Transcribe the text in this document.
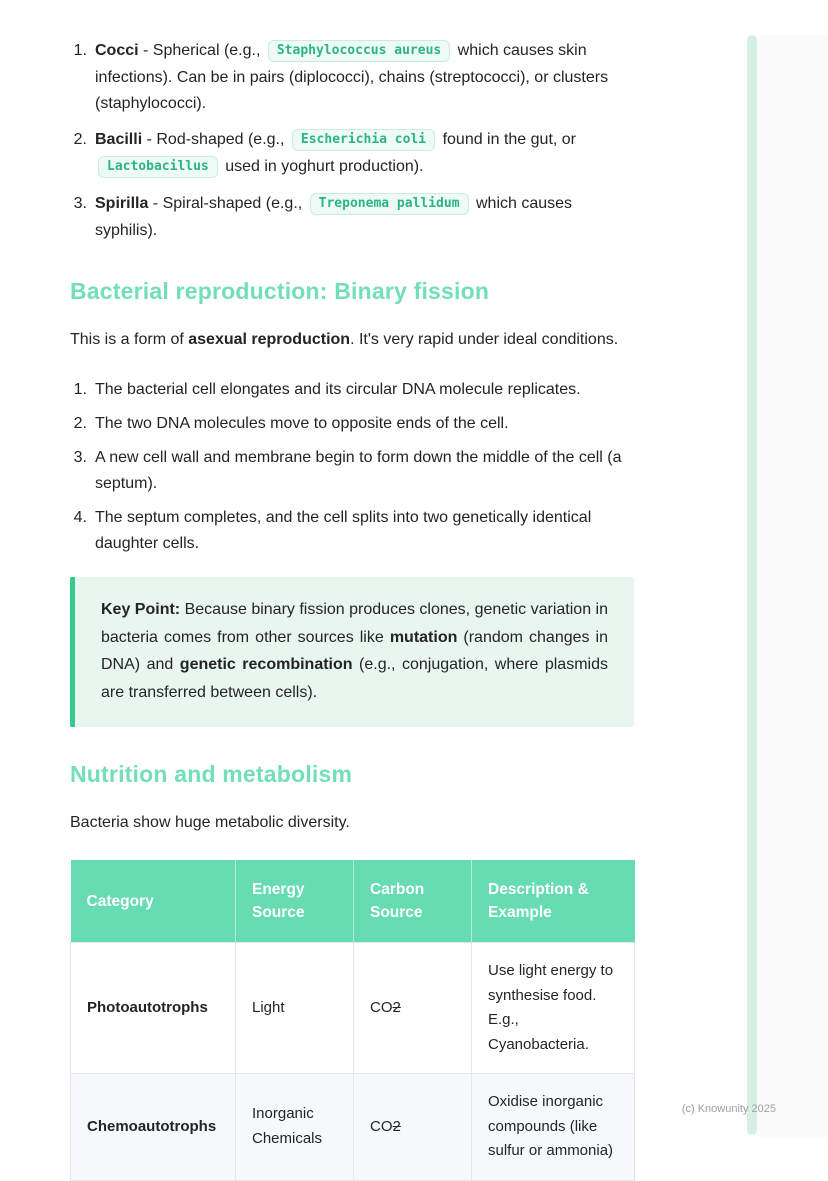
1. Cocci - Spherical (e.g., Staphylococcus aureus which causes skin infections). Can be in pairs (diplococci), chains (streptococci), or clusters (staphylococci).
2. Bacilli - Rod-shaped (e.g., Escherichia coli found in the gut, or Lactobacillus used in yoghurt production).
3. Spirilla - Spiral-shaped (e.g., Treponema pallidum which causes syphilis).
Bacterial reproduction: Binary fission

This is a form of asexual reproduction. It's very rapid under ideal conditions.

1. The bacterial cell elongates and its circular DNA molecule replicates.
2. The two DNA molecules move to opposite ends of the cell.
3. A new cell wall and membrane begin to form down the middle of the cell (a septum).
4. The septum completes, and the cell splits into two genetically identical daughter cells.
Key Point: Because binary fission produces clones, genetic variation in bacteria comes from other sources like mutation (random changes in DNA) and genetic recombination (e.g., conjugation, where plasmids are transferred between cells).
Nutrition and metabolism

Bacteria show huge metabolic diversity.

Category	Energy Source	Carbon Source	Description & Example
Photoautotrophs	Light	CO2	Use light energy to synthesise food. E.g., Cyanobacteria.
Chemoautotrophs	Inorganic Chemicals	CO2	Oxidise inorganic compounds (like sulfur or ammonia)
(c) Knowunity 2025
